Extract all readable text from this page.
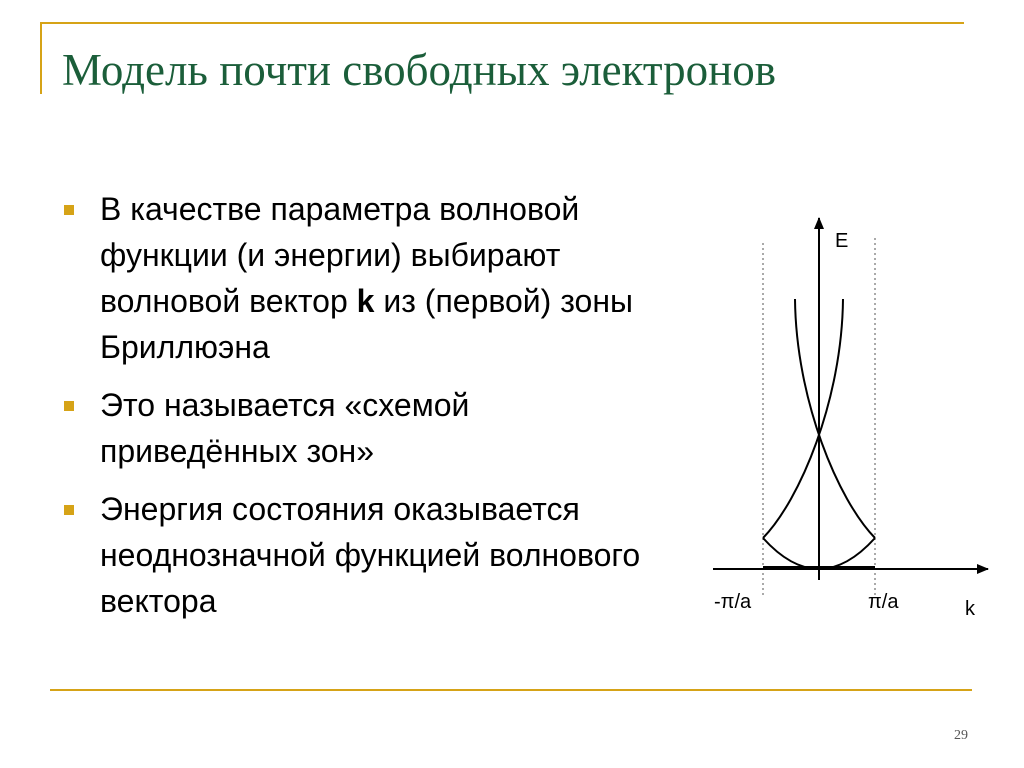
Модель почти свободных электронов
В качестве параметра волновой функции (и энергии) выбирают волновой вектор k из (первой) зоны Бриллюэна
Это называется «схемой приведённых зон»
Энергия состояния оказывается неоднозначной функцией волнового вектора
E
k
-π/a	π/a
29
